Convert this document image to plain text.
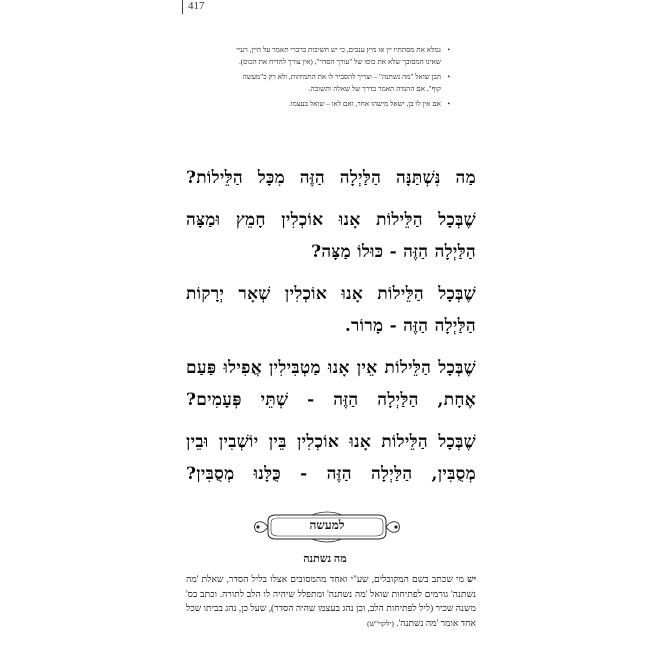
417
•
נמלא את מסתתיו יין או מיץ ענבים, כי יש חשיבות ברברי תאמר על היין, רעיי שאינו המסובך שלא את כוסו של "עורך הסדר", (אין צורך להדיח את הכוס).
•
הבן שואל "מה נשתנה" – וצריך להסביר לו את התמיהות, ולא רק כ"מעשה קוף", אם ההגדה תאמר בדרך של שאלה ותשובה.
•
אם אין לו בן, ישאל מישהו אחר, ואם לאו – שואל בעצמו.
מַה נִּשְׁתַּנָּה הַלַּיְלָה הַזֶּה מִכָּל הַלֵּילוֹת?
שֶׁבְּכָל הַלֵּילוֹת אָנוּ אוֹכְלִין חָמֵץ וּמַצָּה
הַלַּיְלָה הַזֶּה - כּוּלוֹ מַצָּה?
שֶׁבְּכָל הַלֵּילוֹת אָנוּ אוֹכְלִין שְׁאָר יְרָקוֹת
הַלַּיְלָה הַזֶּה - מָרוֹר.
שֶׁבְּכָל הַלֵּילוֹת אֵין אָנוּ מַטְבִּילִין אֲפִילוּ פַּעַם
אֶחָת, הַלַּיְלָה הַזֶּה - שְׁתֵּי פְּעָמִים?
שֶׁבְּכָל הַלֵּילוֹת אָנוּ אוֹכְלִין בֵּין יוֹשְׁבִין וּבֵין
מְסֻבִּין, הַלַּיְלָה הַזֶּה - כֻּלָּנוּ מְסֻבִּין?
למעשה
מה נשתנה
יש מי שכתב בשם המקובלים, שע"י ואחד מהמסובים אצלו בליל הסדר, שאלת 'מה נשתנה' גורמים לפתיחות שואל 'מה נשתנה' ומתפלל שיהיה לו הלב לתורה. וכתב בס' משנה שכיר (ליל לפתיחות הלב, וכן נהג בעצמו שהיה הסדר), שעל כן, נהג בביתו שכל אחד אומר 'מה נשתנה'. (ילקוי"ש)
